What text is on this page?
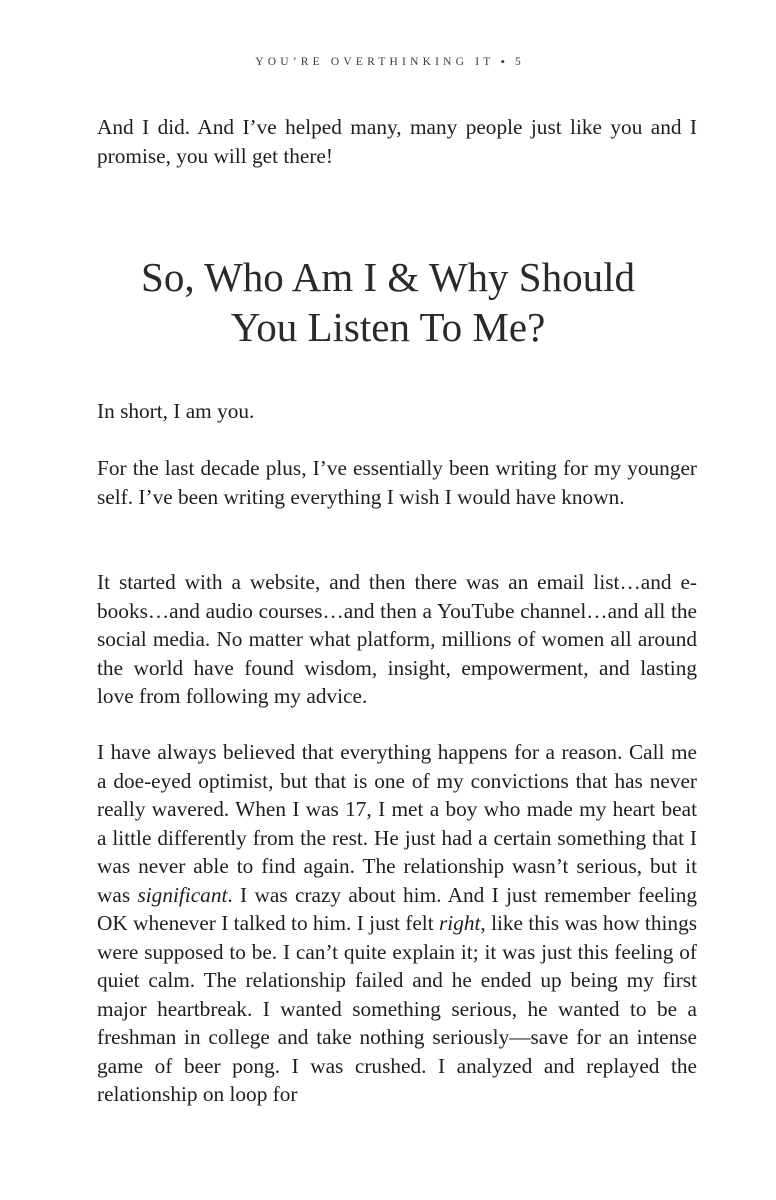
YOU’RE OVERTHINKING IT • 5

And I did. And I’ve helped many, many people just like you and I promise, you will get there!

So, Who Am I & Why Should
You Listen To Me?

In short, I am you.

For the last decade plus, I’ve essentially been writing for my younger self. I’ve been writing everything I wish I would have known.

It started with a website, and then there was an email list…and e-books…and audio courses…and then a YouTube channel…and all the social media. No matter what platform, millions of women all around the world have found wisdom, insight, empowerment, and lasting love from following my advice.

I have always believed that everything happens for a reason. Call me a doe-eyed optimist, but that is one of my convictions that has never really wavered. When I was 17, I met a boy who made my heart beat a little differently from the rest. He just had a certain something that I was never able to find again. The relationship wasn’t serious, but it was significant. I was crazy about him. And I just remember feeling OK whenever I talked to him. I just felt right, like this was how things were supposed to be. I can’t quite explain it; it was just this feeling of quiet calm. The relationship failed and he ended up being my first major heartbreak. I wanted something serious, he wanted to be a freshman in college and take nothing seriously—save for an intense game of beer pong. I was crushed. I analyzed and replayed the relationship on loop for
